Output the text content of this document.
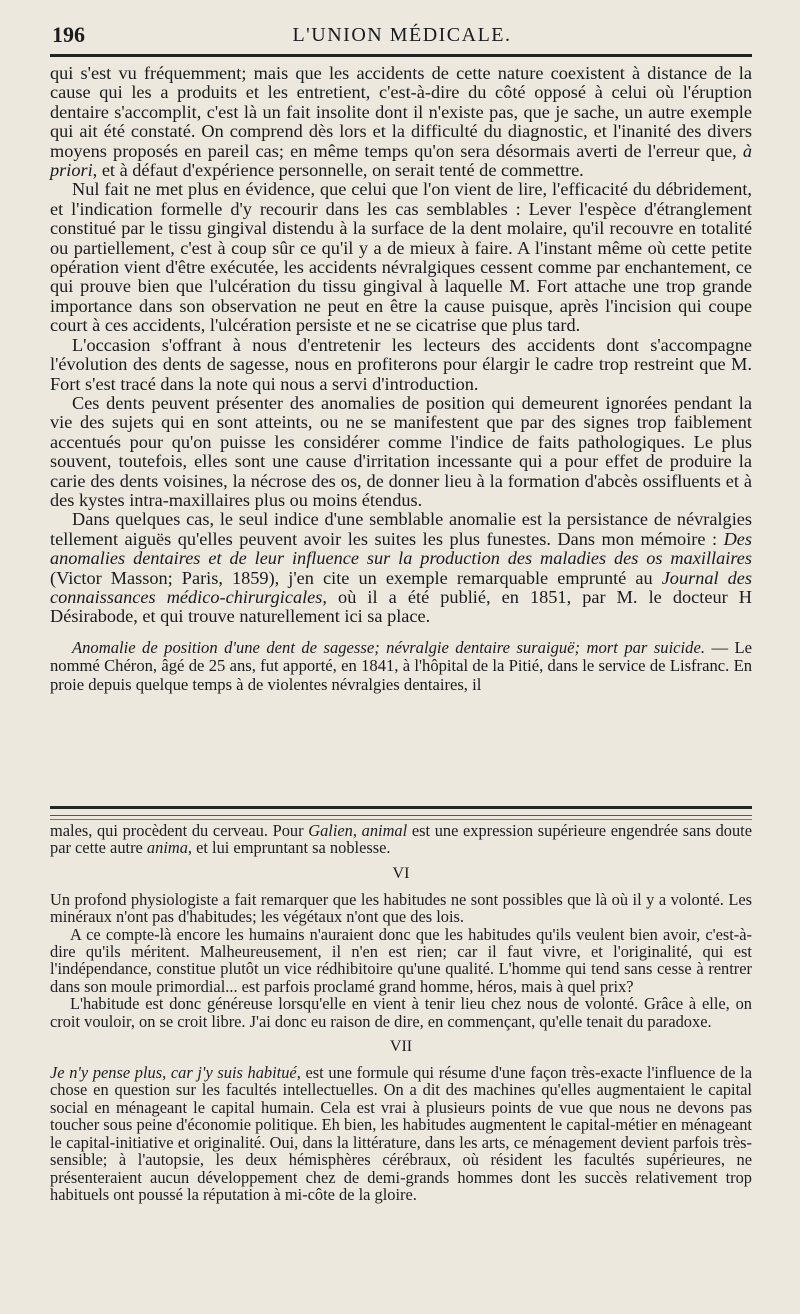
196	L'UNION MÉDICALE.

qui s'est vu fréquemment; mais que les accidents de cette nature coexistent à distance de la cause qui les a produits et les entretient, c'est-à-dire du côté opposé à celui où l'éruption dentaire s'accomplit, c'est là un fait insolite dont il n'existe pas, que je sache, un autre exemple qui ait été constaté. On comprend dès lors et la difficulté du diagnostic, et l'inanité des divers moyens proposés en pareil cas; en même temps qu'on sera désormais averti de l'erreur que, à priori, et à défaut d'expérience personnelle, on serait tenté de commettre.

Nul fait ne met plus en évidence, que celui que l'on vient de lire, l'efficacité du débridement, et l'indication formelle d'y recourir dans les cas semblables : Lever l'espèce d'étranglement constitué par le tissu gingival distendu à la surface de la dent molaire, qu'il recouvre en totalité ou partiellement, c'est à coup sûr ce qu'il y a de mieux à faire. A l'instant même où cette petite opération vient d'être exécutée, les accidents névralgiques cessent comme par enchantement, ce qui prouve bien que l'ulcération du tissu gingival à laquelle M. Fort attache une trop grande importance dans son observation ne peut en être la cause puisque, après l'incision qui coupe court à ces accidents, l'ulcération persiste et ne se cicatrise que plus tard.

L'occasion s'offrant à nous d'entretenir les lecteurs des accidents dont s'accompagne l'évolution des dents de sagesse, nous en profiterons pour élargir le cadre trop restreint que M. Fort s'est tracé dans la note qui nous a servi d'introduction.

Ces dents peuvent présenter des anomalies de position qui demeurent ignorées pendant la vie des sujets qui en sont atteints, ou ne se manifestent que par des signes trop faiblement accentués pour qu'on puisse les considérer comme l'indice de faits pathologiques. Le plus souvent, toutefois, elles sont une cause d'irritation incessante qui a pour effet de produire la carie des dents voisines, la nécrose des os, de donner lieu à la formation d'abcès ossifluents et à des kystes intra-maxillaires plus ou moins étendus.

Dans quelques cas, le seul indice d'une semblable anomalie est la persistance de névralgies tellement aiguës qu'elles peuvent avoir les suites les plus funestes. Dans mon mémoire : Des anomalies dentaires et de leur influence sur la production des maladies des os maxillaires (Victor Masson; Paris, 1859), j'en cite un exemple remarquable emprunté au Journal des connaissances médico-chirurgicales, où il a été publié, en 1851, par M. le docteur H Désirabode, et qui trouve naturellement ici sa place.

Anomalie de position d'une dent de sagesse; névralgie dentaire suraiguë; mort par suicide. — Le nommé Chéron, âgé de 25 ans, fut apporté, en 1841, à l'hôpital de la Pitié, dans le service de Lisfranc. En proie depuis quelque temps à de violentes névralgies dentaires, il

males, qui procèdent du cerveau. Pour Galien, animal est une expression supérieure engendrée sans doute par cette autre anima, et lui empruntant sa noblesse.

VI

Un profond physiologiste a fait remarquer que les habitudes ne sont possibles que là où il y a volonté. Les minéraux n'ont pas d'habitudes; les végétaux n'ont que des lois.

A ce compte-là encore les humains n'auraient donc que les habitudes qu'ils veulent bien avoir, c'est-à-dire qu'ils méritent. Malheureusement, il n'en est rien; car il faut vivre, et l'originalité, qui est l'indépendance, constitue plutôt un vice rédhibitoire qu'une qualité. L'homme qui tend sans cesse à rentrer dans son moule primordial... est parfois proclamé grand homme, héros, mais à quel prix?

L'habitude est donc généreuse lorsqu'elle en vient à tenir lieu chez nous de volonté. Grâce à elle, on croit vouloir, on se croit libre. J'ai donc eu raison de dire, en commençant, qu'elle tenait du paradoxe.

VII

Je n'y pense plus, car j'y suis habitué, est une formule qui résume d'une façon très-exacte l'influence de la chose en question sur les facultés intellectuelles. On a dit des machines qu'elles augmentaient le capital social en ménageant le capital humain. Cela est vrai à plusieurs points de vue que nous ne devons pas toucher sous peine d'économie politique. Eh bien, les habitudes augmentent le capital-métier en ménageant le capital-initiative et originalité. Oui, dans la littérature, dans les arts, ce ménagement devient parfois très-sensible; à l'autopsie, les deux hémisphères cérébraux, où résident les facultés supérieures, ne présenteraient aucun développement chez de demi-grands hommes dont les succès relativement trop habituels ont poussé la réputation à mi-côte de la gloire.
